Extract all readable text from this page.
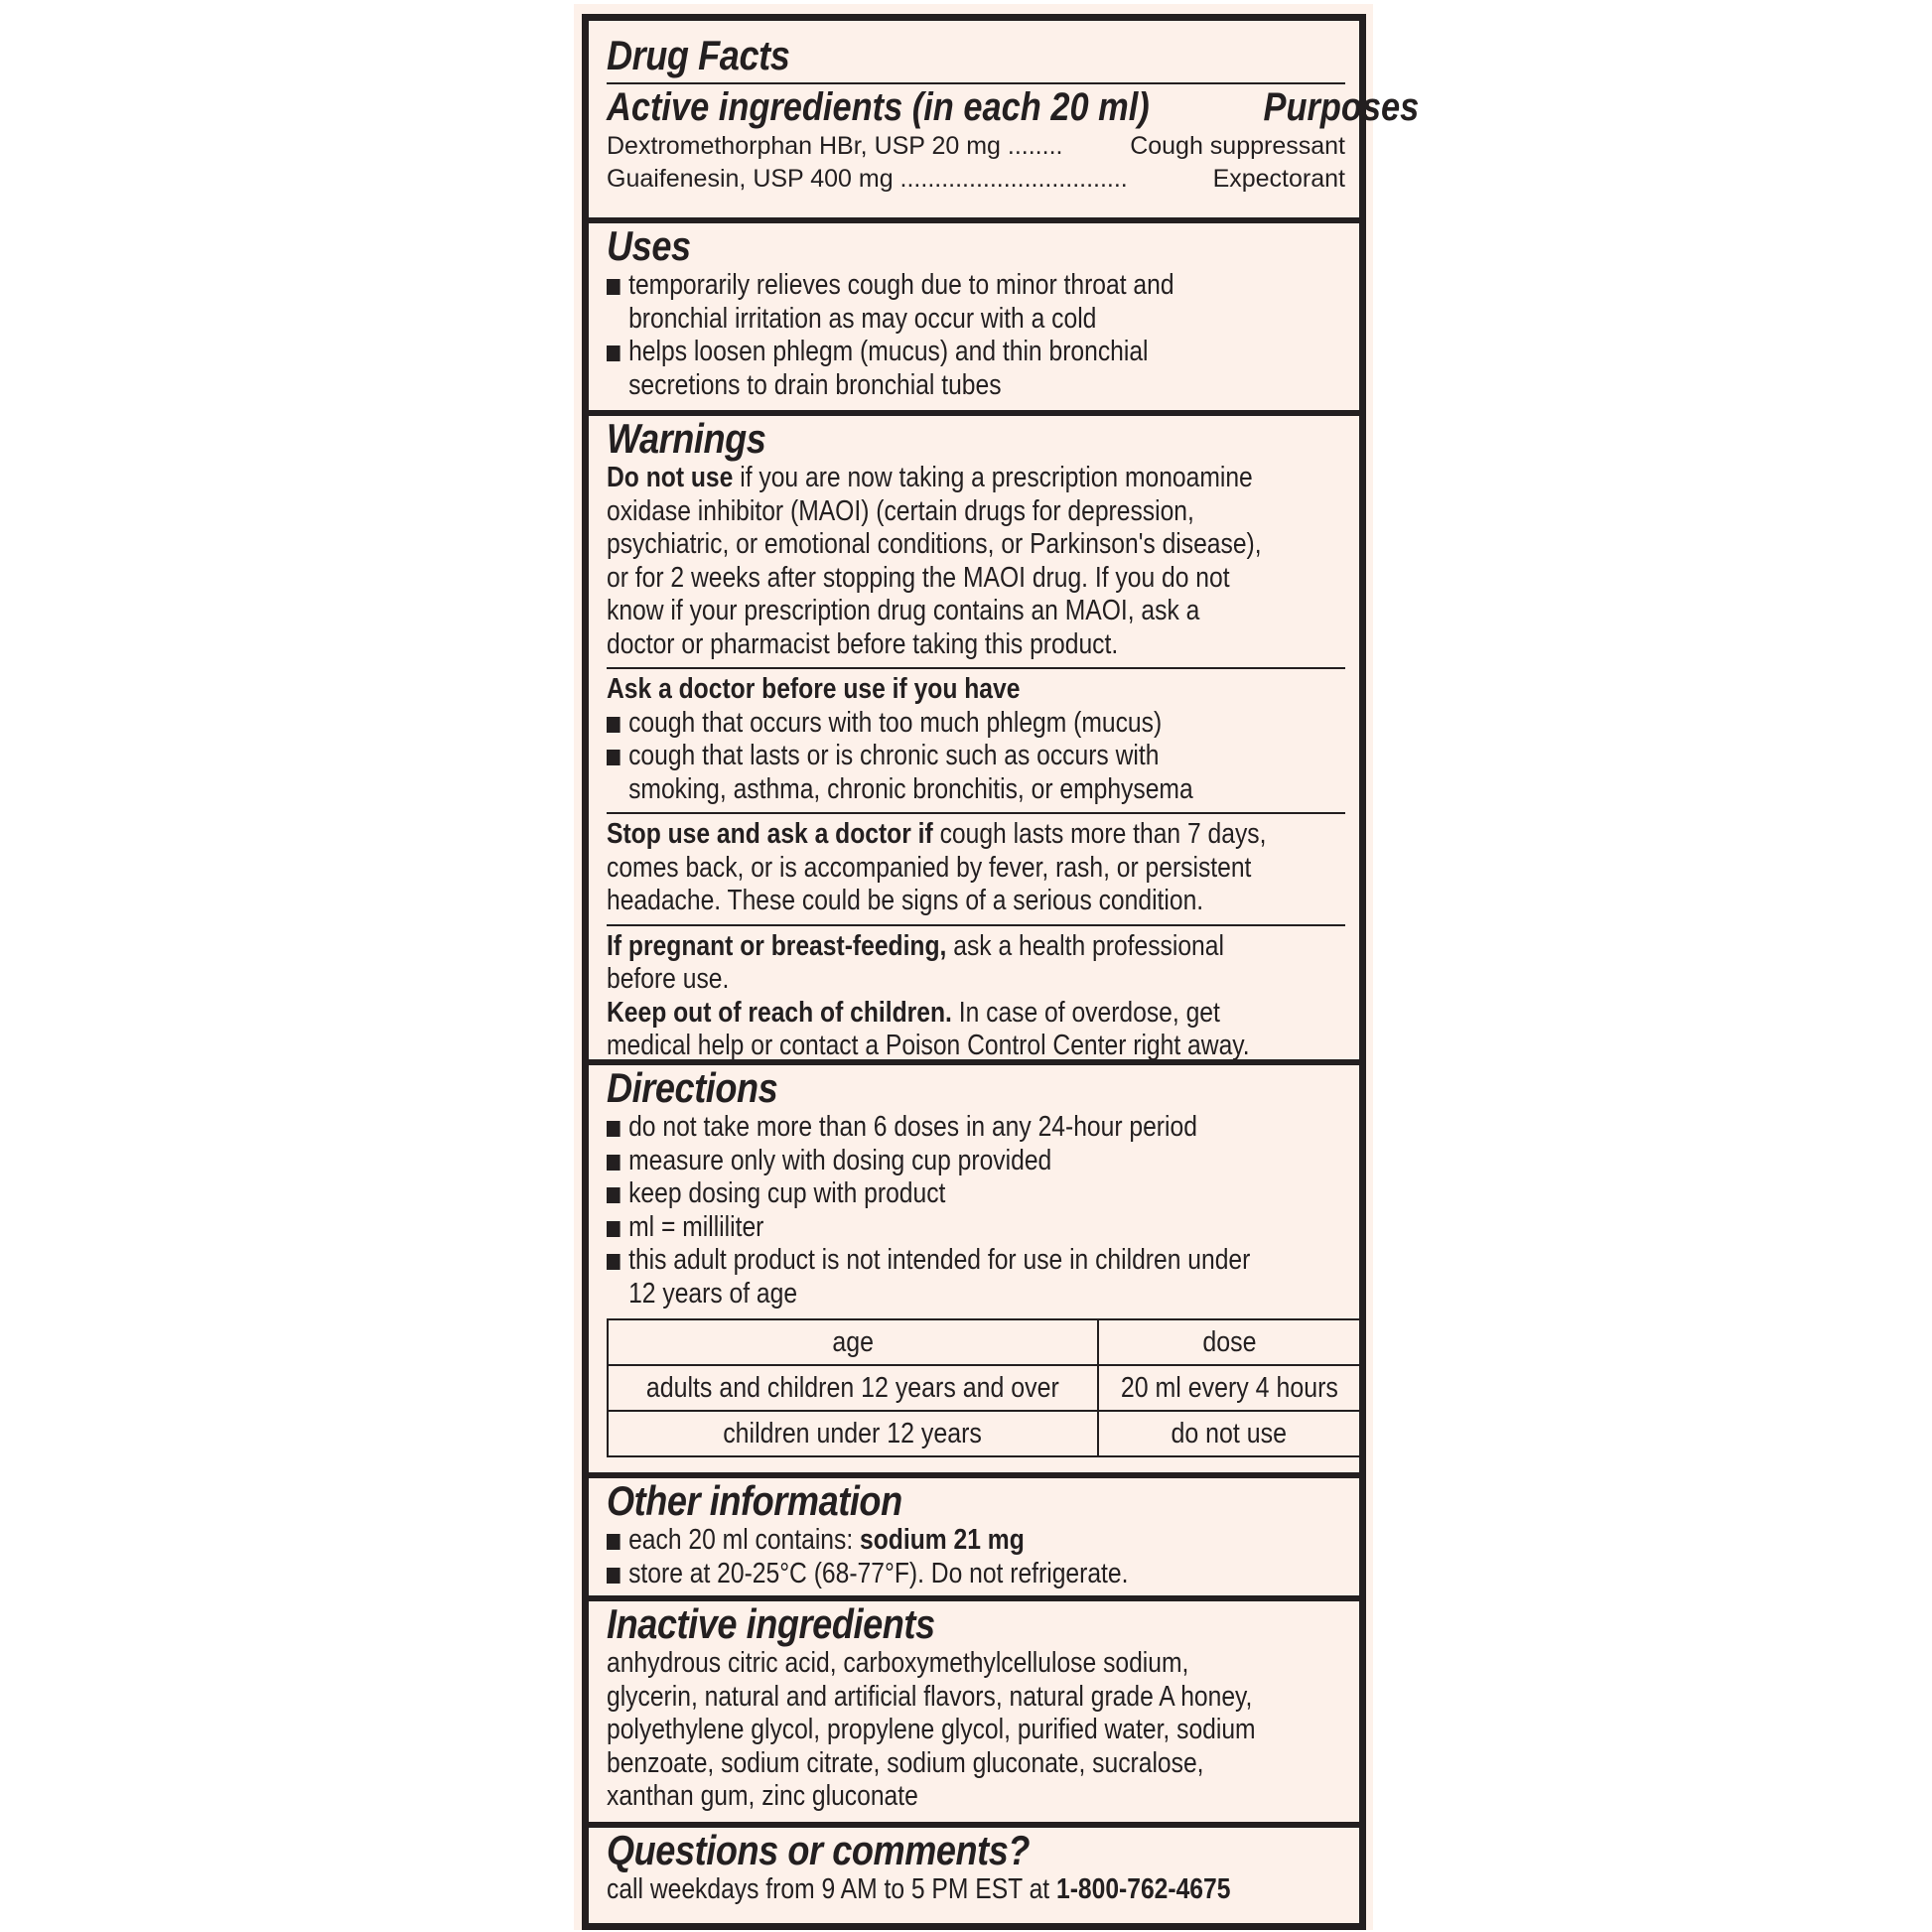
Drug Facts
Active ingredients (in each 20 ml)	Purposes
Dextromethorphan HBr, USP 20 mg ........	Cough suppressant
Guaifenesin, USP 400 mg .................................	Expectorant
Uses
temporarily relieves cough due to minor throat and
bronchial irritation as may occur with a cold
helps loosen phlegm (mucus) and thin bronchial
secretions to drain bronchial tubes
Warnings
Do not use if you are now taking a prescription monoamine
oxidase inhibitor (MAOI) (certain drugs for depression,
psychiatric, or emotional conditions, or Parkinson's disease),
or for 2 weeks after stopping the MAOI drug. If you do not
know if your prescription drug contains an MAOI, ask a
doctor or pharmacist before taking this product.
Ask a doctor before use if you have
cough that occurs with too much phlegm (mucus)
cough that lasts or is chronic such as occurs with
smoking, asthma, chronic bronchitis, or emphysema
Stop use and ask a doctor if cough lasts more than 7 days,
comes back, or is accompanied by fever, rash, or persistent
headache. These could be signs of a serious condition.
If pregnant or breast-feeding, ask a health professional
before use.
Keep out of reach of children. In case of overdose, get
medical help or contact a Poison Control Center right away.
Directions
do not take more than 6 doses in any 24-hour period
measure only with dosing cup provided
keep dosing cup with product
ml = milliliter
this adult product is not intended for use in children under
12 years of age
age	dose
adults and children 12 years and over	20 ml every 4 hours
children under 12 years	do not use
Other information
each 20 ml contains: sodium 21 mg
store at 20-25°C (68-77°F). Do not refrigerate.
Inactive ingredients
anhydrous citric acid, carboxymethylcellulose sodium,
glycerin, natural and artificial flavors, natural grade A honey,
polyethylene glycol, propylene glycol, purified water, sodium
benzoate, sodium citrate, sodium gluconate, sucralose,
xanthan gum, zinc gluconate
Questions or comments?
call weekdays from 9 AM to 5 PM EST at 1-800-762-4675
